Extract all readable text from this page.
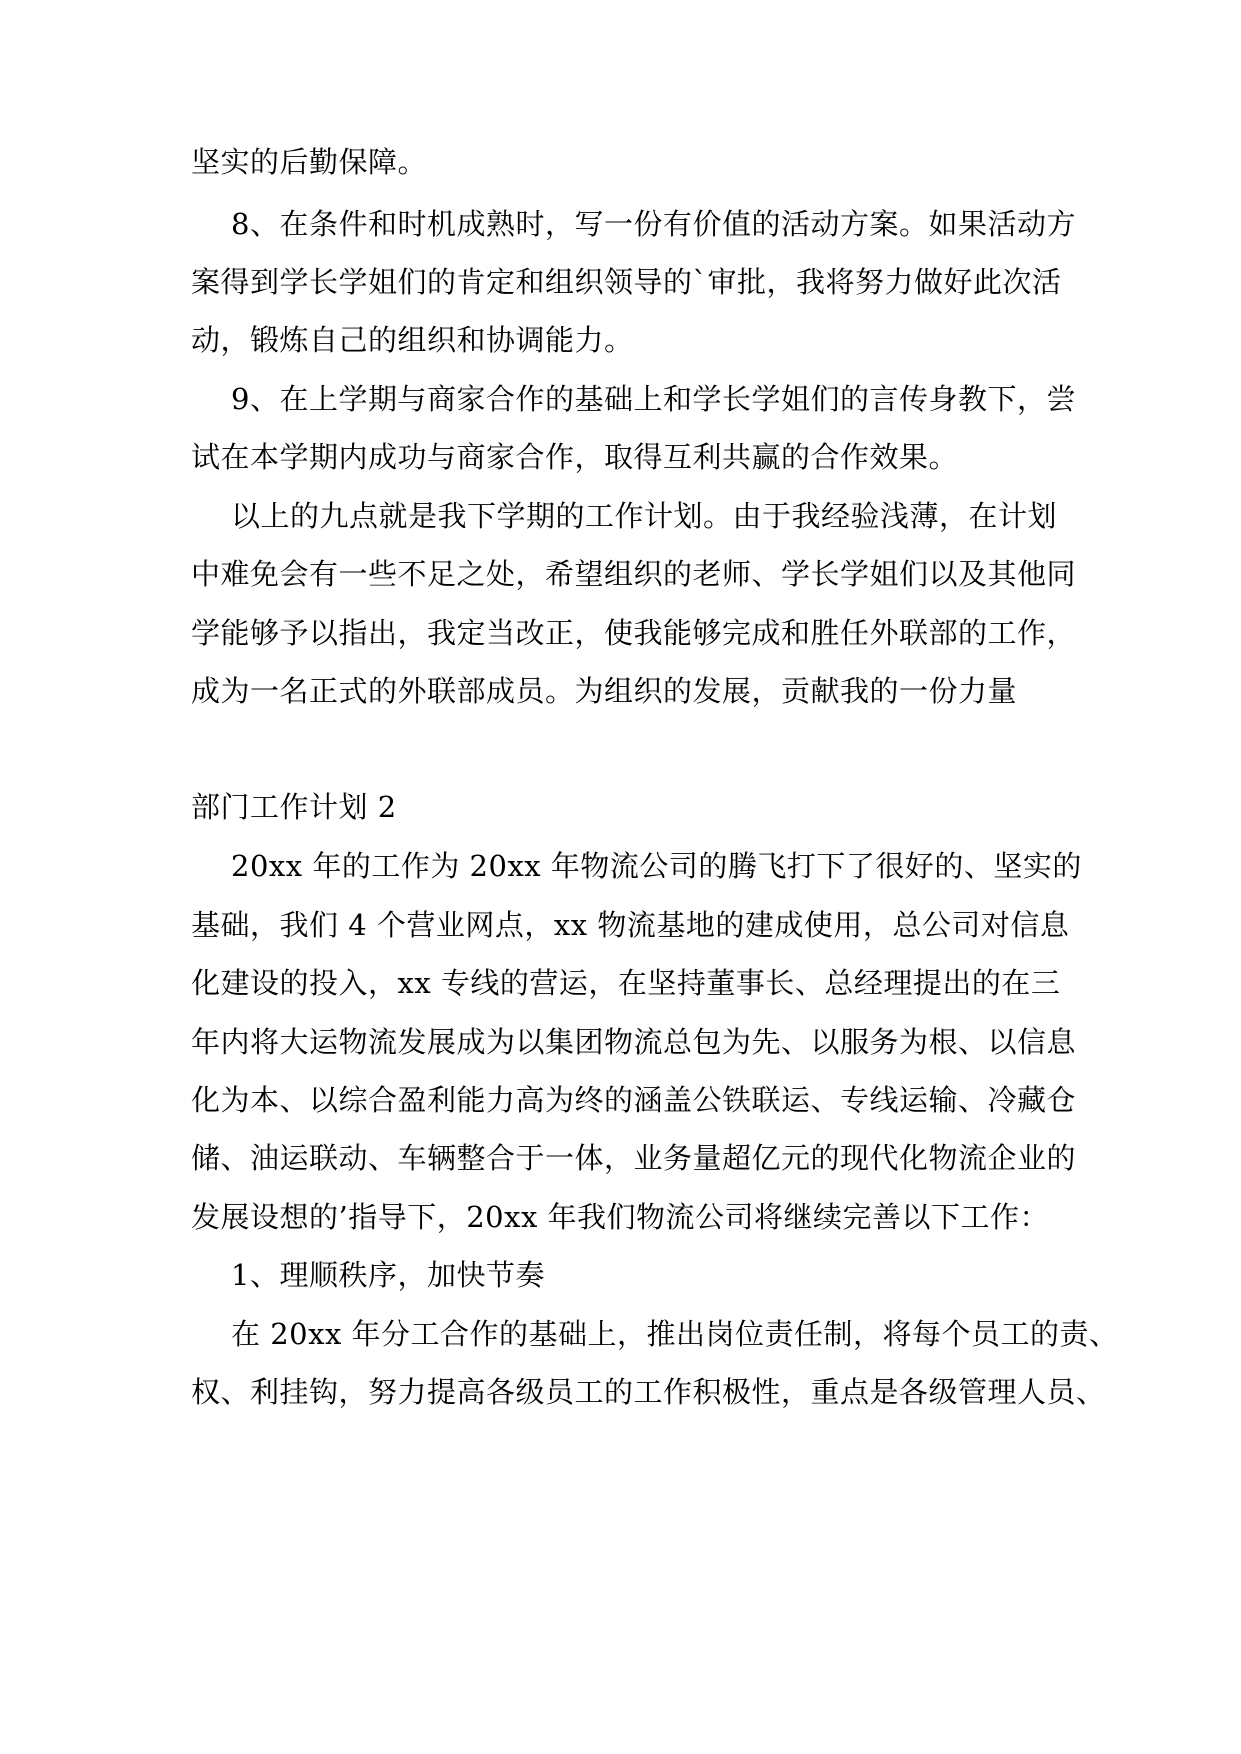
坚实的后勤保障。
8、在条件和时机成熟时，写一份有价值的活动方案。如果活动方
案得到学长学姐们的肯定和组织领导的`审批，我将努力做好此次活
动，锻炼自己的组织和协调能力。
9、在上学期与商家合作的基础上和学长学姐们的言传身教下，尝
试在本学期内成功与商家合作，取得互利共赢的合作效果。
以上的九点就是我下学期的工作计划。由于我经验浅薄，在计划
中难免会有一些不足之处，希望组织的老师、学长学姐们以及其他同
学能够予以指出，我定当改正，使我能够完成和胜任外联部的工作，
成为一名正式的外联部成员。为组织的发展，贡献我的一份力量
部门工作计划 2
20xx 年的工作为 20xx 年物流公司的腾飞打下了很好的、坚实的
基础，我们 4 个营业网点，xx 物流基地的建成使用，总公司对信息
化建设的投入，xx 专线的营运，在坚持董事长、总经理提出的在三
年内将大运物流发展成为以集团物流总包为先、以服务为根、以信息
化为本、以综合盈利能力高为终的涵盖公铁联运、专线运输、冷藏仓
储、油运联动、车辆整合于一体，业务量超亿元的现代化物流企业的
发展设想的’指导下，20xx 年我们物流公司将继续完善以下工作：
1、理顺秩序，加快节奏
在 20xx 年分工合作的基础上，推出岗位责任制，将每个员工的责、
权、利挂钩，努力提高各级员工的工作积极性，重点是各级管理人员、
